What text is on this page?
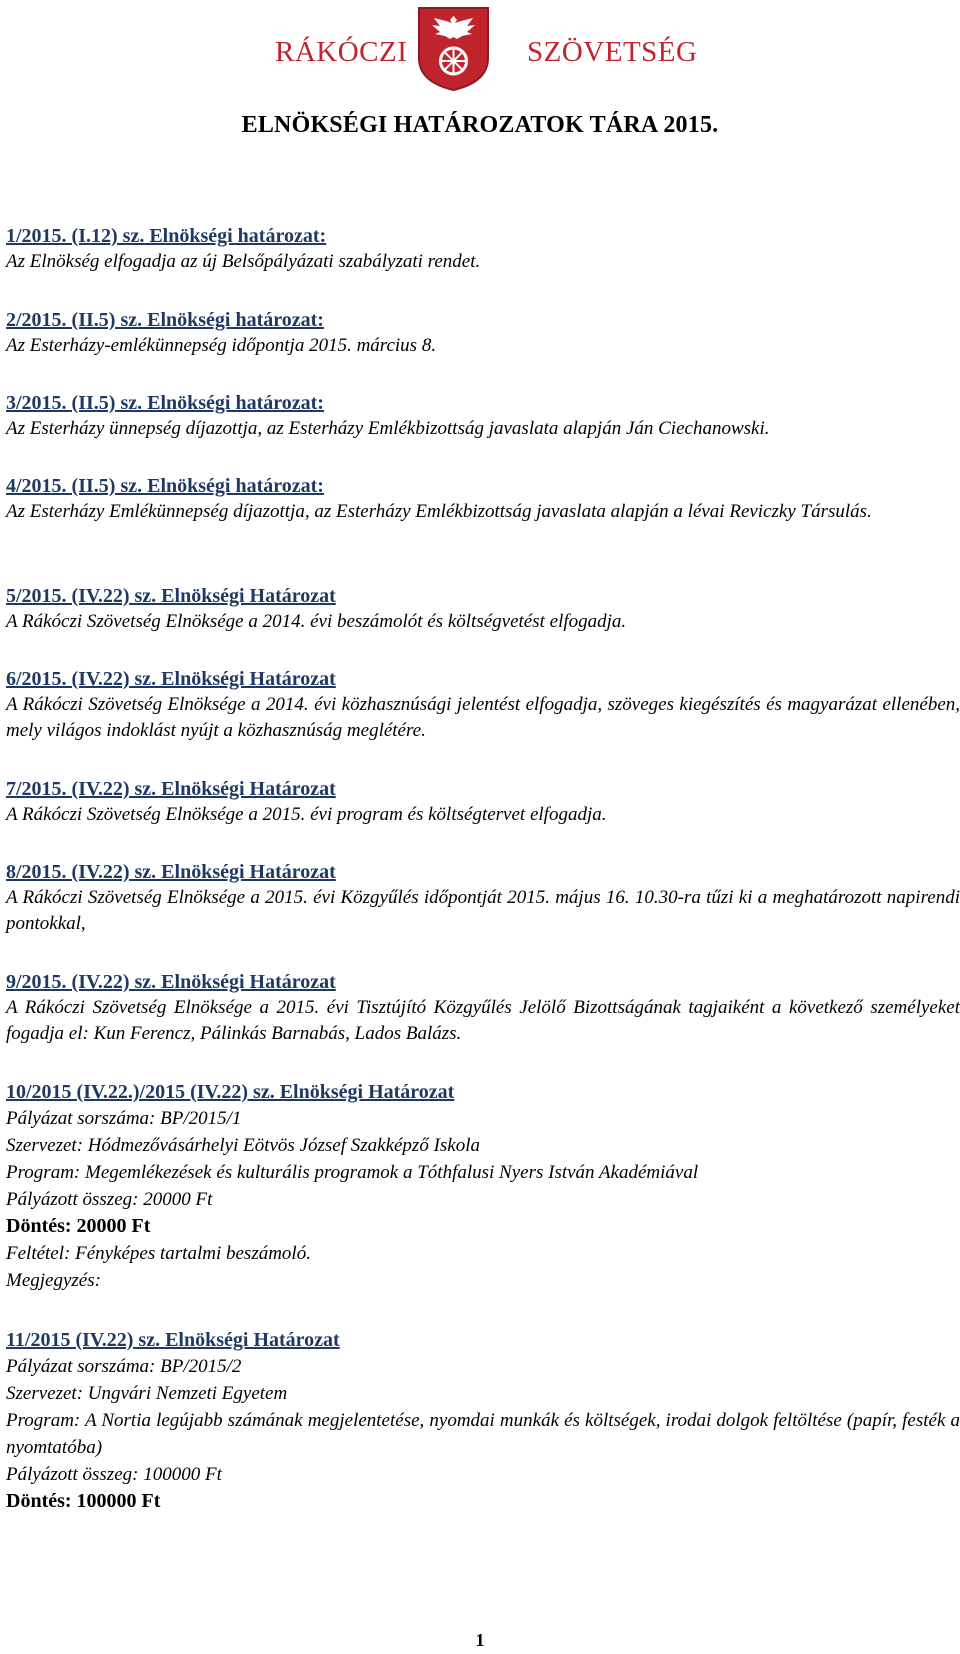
RÁKÓCZI	SZÖVETSÉG
ELNÖKSÉGI HATÁROZATOK TÁRA 2015.
1/2015. (I.12) sz. Elnökségi határozat:
Az Elnökség elfogadja az új Belsőpályázati szabályzati rendet.
2/2015. (II.5) sz. Elnökségi határozat:
Az Esterházy-emlékünnepség időpontja 2015. március 8.
3/2015. (II.5) sz. Elnökségi határozat:
Az Esterházy ünnepség díjazottja, az Esterházy Emlékbizottság javaslata alapján Ján Ciechanowski.
4/2015. (II.5) sz. Elnökségi határozat:
Az Esterházy Emlékünnepség díjazottja, az Esterházy Emlékbizottság javaslata alapján a lévai Reviczky Társulás.
5/2015. (IV.22) sz. Elnökségi Határozat
A Rákóczi Szövetség Elnöksége a 2014. évi beszámolót és költségvetést elfogadja.
6/2015. (IV.22) sz. Elnökségi Határozat
A Rákóczi Szövetség Elnöksége a 2014. évi közhasznúsági jelentést elfogadja, szöveges kiegészítés és magyarázat ellenében, mely világos indoklást nyújt a közhasznúság meglétére.
7/2015. (IV.22) sz. Elnökségi Határozat
A Rákóczi Szövetség Elnöksége a 2015. évi program és költségtervet elfogadja.
8/2015. (IV.22) sz. Elnökségi Határozat
A Rákóczi Szövetség Elnöksége a 2015. évi Közgyűlés időpontját 2015. május 16. 10.30-ra tűzi ki a meghatározott napirendi pontokkal,
9/2015. (IV.22) sz. Elnökségi Határozat
A Rákóczi Szövetség Elnöksége a 2015. évi Tisztújító Közgyűlés Jelölő Bizottságának tagjaiként a következő személyeket fogadja el: Kun Ferencz, Pálinkás Barnabás, Lados Balázs.
10/2015 (IV.22.)/2015 (IV.22) sz. Elnökségi Határozat
Pályázat sorszáma: BP/2015/1
Szervezet: Hódmezővásárhelyi Eötvös József Szakképző Iskola
Program: Megemlékezések és kulturális programok a Tóthfalusi Nyers István Akadémiával
Pályázott összeg: 20000 Ft
Döntés: 20000 Ft
Feltétel: Fényképes tartalmi beszámoló.
Megjegyzés:
11/2015 (IV.22) sz. Elnökségi Határozat
Pályázat sorszáma: BP/2015/2
Szervezet: Ungvári Nemzeti Egyetem
Program: A Nortia legújabb számának megjelentetése, nyomdai munkák és költségek, irodai dolgok feltöltése (papír, festék a nyomtatóba)
Pályázott összeg: 100000 Ft
Döntés: 100000 Ft
1
